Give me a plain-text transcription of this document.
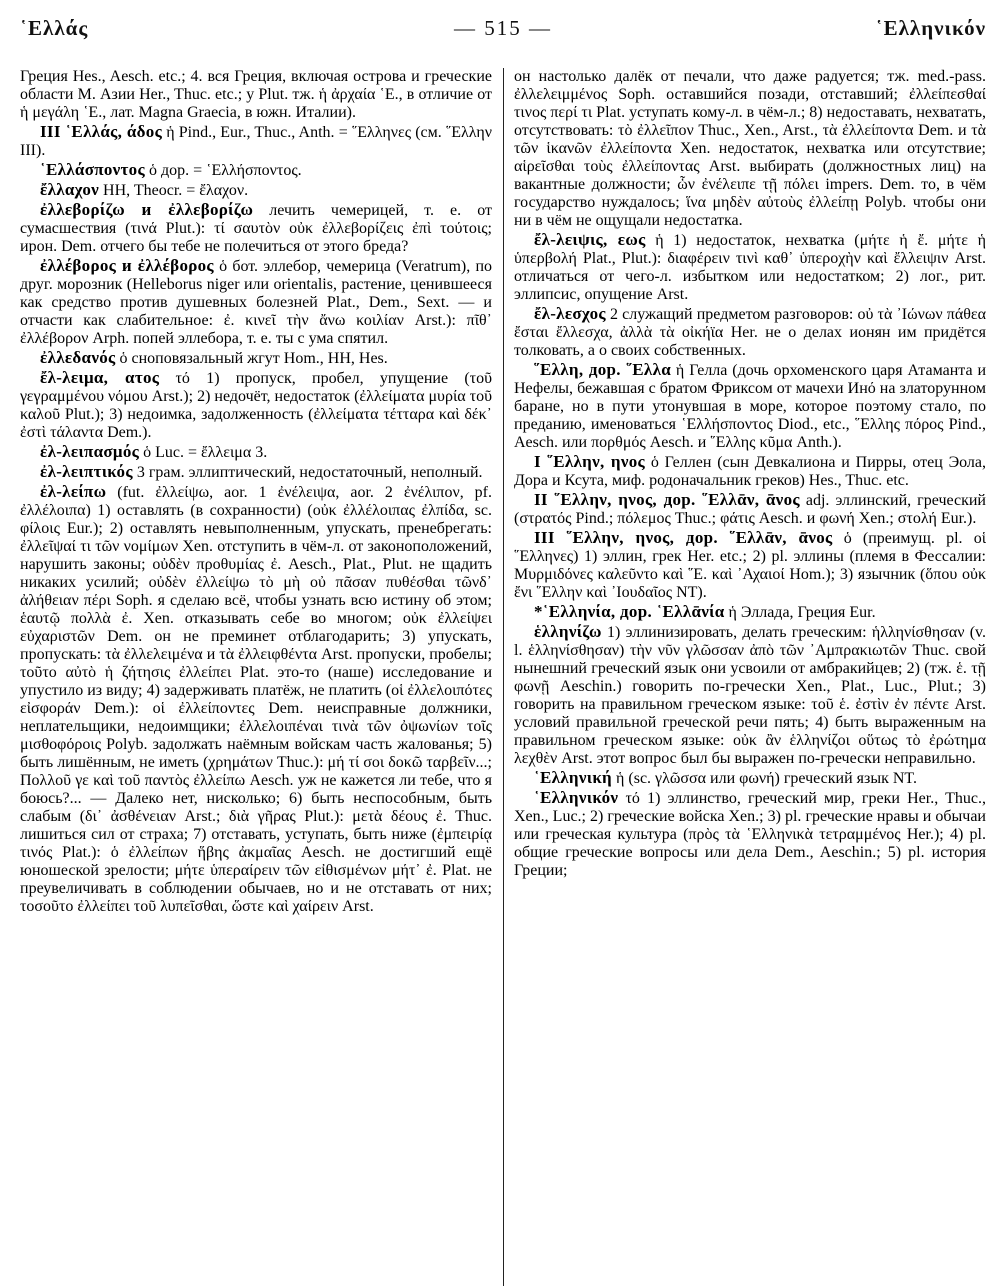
῾Ελλάς	— 515 —	῾Ελληνικόν

Греция Hes., Aesch. etc.; 4. вся Греция, включая острова и греческие области М. Азии Her., Thuc. etc.; у Plut. тж. ἡ ἀρχαία ῾Ε., в отличие от ἡ μεγάλη ῾Ε., лат. Magna Graecia, в южн. Италии).

III ῾Ελλάς, άδος ἡ Pind., Eur., Thuc., Anth. = ῞Ελληνες (см. ῞Ελλην III).

῾Ελλάσποντος ὁ дор. = ῾Ελλήσποντος.

ἔλλαχον HH, Theocr. = ἔλαχον.

ἐλλεβορίζω и ἐλλεβορίζω лечить чемерицей, т. е. от сумасшествия (τινά Plut.): τί σαυτὸν οὐκ ἐλλεβορίζεις ἐπὶ τούτοις; ирон. Dem. отчего бы тебе не полечиться от этого бреда?

ἐλλέβορος и ἐλλέβορος ὁ бот. эллебор, чемерица (Veratrum), по друг. морозник (Helleborus niger или orientalis, растение, ценившееся как средство против душевных болезней Plat., Dem., Sext. — и отчасти как слабительное: ἐ. κινεῖ τὴν ἄνω κοιλίαν Arst.): πῖθ᾽ ἐλλέβορον Arph. попей эллебора, т. е. ты с ума спятил.

ἐλλεδανός ὁ сноповязальный жгут Hom., HH, Hes.

ἔλ-λειμα, ατος τό 1) пропуск, пробел, упущение (τοῦ γεγραμμένου νόμου Arst.); 2) недочёт, недостаток (ἐλλείματα μυρία τοῦ καλοῦ Plut.); 3) недоимка, задолженность (ἐλλείματα τέτταρα καὶ δέκ᾽ ἐστὶ τάλαντα Dem.).

ἐλ-λειπασμός ὁ Luc. = ἔλλειμα 3.

ἐλ-λειπτικός 3 грам. эллиптический, недостаточный, неполный.

ἐλ-λείπω (fut. ἐλλείψω, aor. 1 ἐνέλειψα, aor. 2 ἐνέλιπον, pf. ἐλλέλοιπα) 1) оставлять (в сохранности) (οὐκ ἐλλέλοιπας ἐλπίδα, sc. φίλοις Eur.); 2) оставлять невыполненным, упускать, пренебрегать: ἐλλεῖψαί τι τῶν νομίμων Xen. отступить в чём-л. от законоположений, нарушить законы; οὐδὲν προθυμίας ἐ. Aesch., Plat., Plut. не щадить никаких усилий; οὐδὲν ἐλλείψω τὸ μὴ οὐ πᾶσαν πυθέσθαι τῶνδ᾽ ἀλήθειαν πέρι Soph. я сделаю всё, чтобы узнать всю истину об этом; ἑαυτῷ πολλὰ ἐ. Xen. отказывать себе во многом; οὐκ ἐλλείψει εὐχαριστῶν Dem. он не преминет отблагодарить; 3) упускать, пропускать: τὰ ἐλλελειμένα и τὰ ἐλλειφθέντα Arst. пропуски, пробелы; τοῦτο αὐτὸ ἡ ζήτησις ἐλλείπει Plat. это-то (наше) исследование и упустило из виду; 4) задерживать платёж, не платить (οἱ ἐλλελοιπότες εἰσφοράν Dem.): οἱ ἐλλείποντες Dem. неисправные должники, неплательщики, недоимщики; ἐλλελοιπέναι τινὰ τῶν ὀψωνίων τοῖς μισθοφόροις Polyb. задолжать наёмным войскам часть жалованья; 5) быть лишённым, не иметь (χρημάτων Thuc.): μή τί σοι δοκῶ ταρβεῖν...; Πολλοῦ γε καὶ τοῦ παντὸς ἐλλείπω Aesch. уж не кажется ли тебе, что я боюсь?... — Далеко нет, нисколько; 6) быть неспособным, быть слабым (δι᾽ ἀσθένειαν Arst.; διὰ γῆρας Plut.): μετὰ δέους ἐ. Thuc. лишиться сил от страха; 7) отставать, уступать, быть ниже (ἐμπειρίᾳ τινός Plat.): ὁ ἐλλείπων ἥβης ἀκμαῖας Aesch. не достигший ещё юношеской зрелости; μήτε ὑπεραίρειν τῶν εἰθισμένων μήτ᾽ ἐ. Plat. не преувеличивать в соблюдении обычаев, но и не отставать от них; τοσοῦτο ἐλλείπει τοῦ λυπεῖσθαι, ὥστε καὶ χαίρειν Arst.

он настолько далёк от печали, что даже радуется; тж. med.-pass. ἐλλελειμμένος Soph. оставшийся позади, отставший; ἐλλείπεσθαί τινος περί τι Plat. уступать кому-л. в чём-л.; 8) недоставать, нехватать, отсутствовать: τὸ ἐλλεῖπον Thuc., Xen., Arst., τὰ ἐλλείποντα Dem. и τὰ τῶν ἱκανῶν ἐλλείποντα Xen. недостаток, нехватка или отсутствие; αἱρεῖσθαι τοὺς ἐλλείποντας Arst. выбирать (должностных лиц) на вакантные должности; ὧν ἐνέλειπε τῇ πόλει impers. Dem. то, в чём государство нуждалось; ἵνα μηδὲν αὐτοὺς ἐλλείπῃ Polyb. чтобы они ни в чём не ощущали недостатка.

ἔλ-λειψις, εως ἡ 1) недостаток, нехватка (μήτε ἡ ἔ. μήτε ἡ ὑπερβολή Plat., Plut.): διαφέρειν τινὶ καθ᾽ ὑπεροχὴν καὶ ἔλλειψιν Arst. отличаться от чего-л. избытком или недостатком; 2) лог., рит. эллипсис, опущение Arst.

ἔλ-λεσχος 2 служащий предметом разговоров: οὐ τὰ ᾽Ιώνων πάθεα ἔσται ἔλλεσχα, ἀλλὰ τὰ οἰκήϊα Her. не о делах ионян им придётся толковать, а о своих собственных.

῞Ελλη, дор. ῞Ελλα ἡ Гелла (дочь орхоменского царя Атаманта и Нефелы, бежавшая с братом Фриксом от мачехи Инό на златорунном баране, но в пути утонувшая в море, которое поэтому стало, по преданию, именоваться ῾Ελλήσποντος Diod., etc., ῞Ελλης πόρος Pind., Aesch. или πορθμός Aesch. и ῞Ελλης κῦμα Anth.).

I ῞Ελλην, ηνος ὁ Геллен (сын Девкалиона и Пирры, отец Эола, Дора и Ксута, миф. родоначальник греков) Hes., Thuc. etc.

II ῞Ελλην, ηνος, дор. ῞Ελλᾱν, ᾱνος adj. эллинский, греческий (στρατός Pind.; πόλεμος Thuc.; φάτις Aesch. и φωνή Xen.; στολή Eur.).

III ῞Ελλην, ηνος, дор. ῞Ελλᾱν, ᾱνος ὁ (преимущ. pl. οἱ ῞Ελληνες) 1) эллин, грек Her. etc.; 2) pl. эллины (племя в Фессалии: Μυρμιδόνες καλεῦντο καὶ ῞Ε. καὶ ᾽Αχαιοί Hom.); 3) язычник (ὅπου οὐκ ἔνι ῞Ελλην καὶ ᾽Ιουδαῖος NT).

*῾Ελληνία, дор. ῾Ελλᾱνία ἡ Эллада, Греция Eur.

ἑλληνίζω 1) эллинизировать, делать греческим: ἡλληνίσθησαν (v. l. ἑλληνίσθησαν) τὴν νῦν γλῶσσαν ἀπὸ τῶν ᾽Αμπρακιωτῶν Thuc. свой нынешний греческий язык они усвоили от амбракийцев; 2) (тж. ἑ. τῇ φωνῇ Aeschin.) говорить по-гречески Xen., Plat., Luc., Plut.; 3) говорить на правильном греческом языке: τοῦ ἑ. ἐστὶν ἐν πέντε Arst. условий правильной греческой речи пять; 4) быть выраженным на правильном греческом языке: οὐκ ἂν ἑλληνίζοι οὕτως τὸ ἐρώτημα λεχθὲν Arst. этот вопрос был бы выражен по-гречески неправильно.

῾Ελληνική ἡ (sc. γλῶσσα или φωνή) греческий язык NT.

῾Ελληνικόν τό 1) эллинство, греческий мир, греки Her., Thuc., Xen., Luc.; 2) греческие войска Xen.; 3) pl. греческие нравы и обычаи или греческая культура (πρὸς τὰ ῾Ελληνικὰ τετραμμένος Her.); 4) pl. общие греческие вопросы или дела Dem., Aeschin.; 5) pl. история Греции;
